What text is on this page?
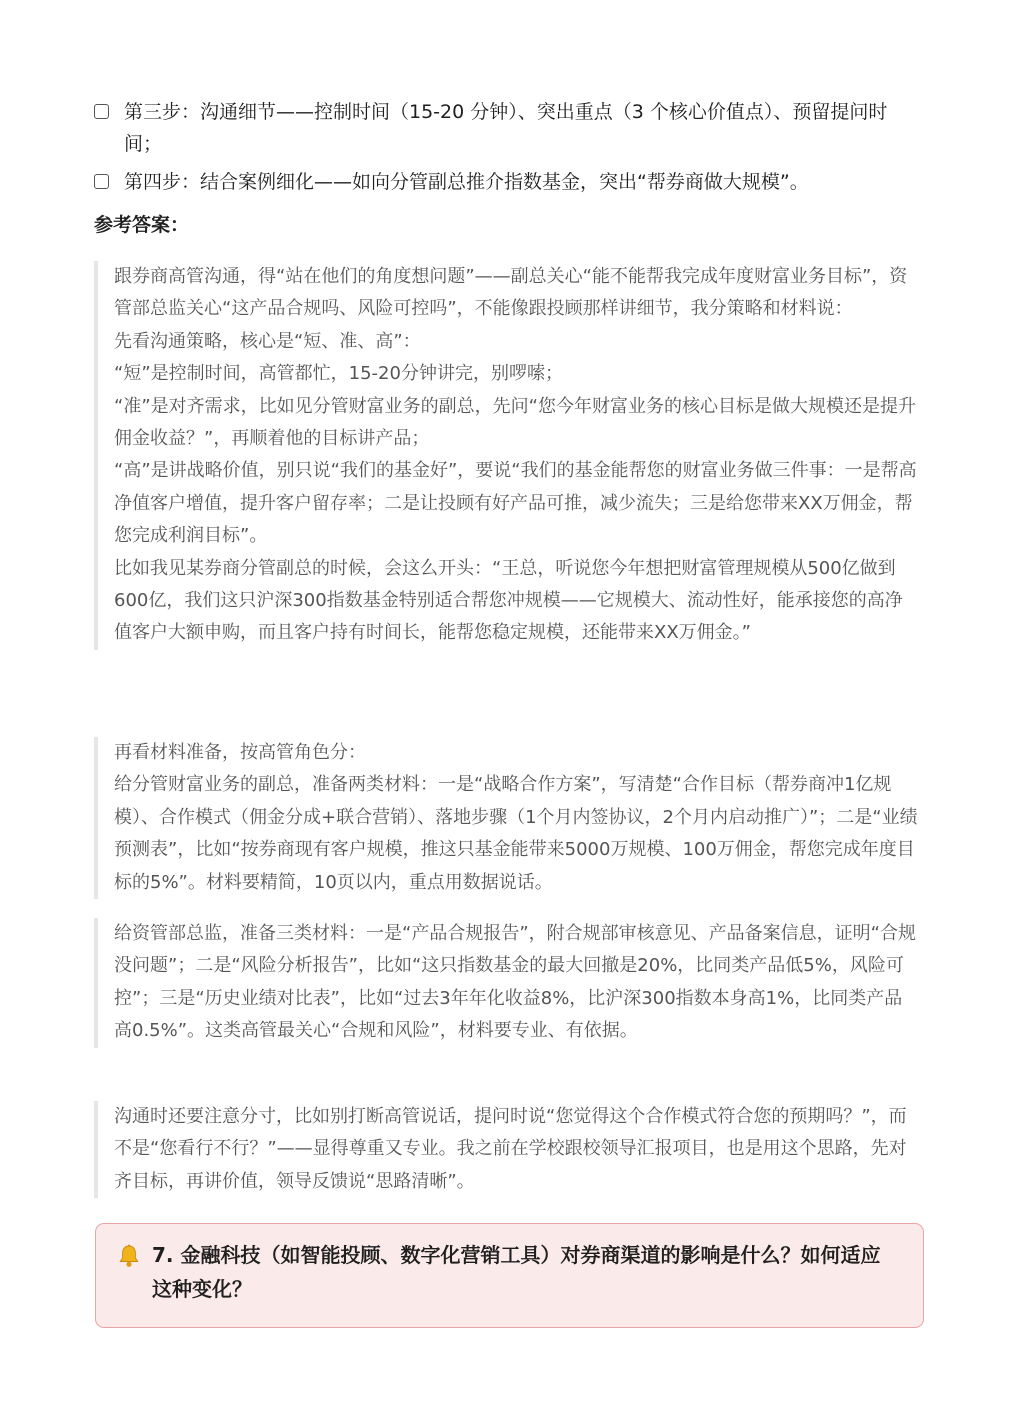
第三步：沟通细节——控制时间（15-20 分钟）、突出重点（3 个核心价值点）、预留提问时间；
第四步：结合案例细化——如向分管副总推介指数基金，突出“帮券商做大规模”。
参考答案：

跟券商高管沟通，得“站在他们的角度想问题”——副总关心“能不能帮我完成年度财富业务目标”，资管部总监关心“这产品合规吗、风险可控吗”，不能像跟投顾那样讲细节，我分策略和材料说：

先看沟通策略，核心是“短、准、高”：

“短”是控制时间，高管都忙，15-20分钟讲完，别啰嗦；

“准”是对齐需求，比如见分管财富业务的副总，先问“您今年财富业务的核心目标是做大规模还是提升佣金收益？”，再顺着他的目标讲产品；

“高”是讲战略价值，别只说“我们的基金好”，要说“我们的基金能帮您的财富业务做三件事：一是帮高净值客户增值，提升客户留存率；二是让投顾有好产品可推，减少流失；三是给您带来XX万佣金，帮您完成利润目标”。

比如我见某券商分管副总的时候，会这么开头：“王总，听说您今年想把财富管理规模从500亿做到600亿，我们这只沪深300指数基金特别适合帮您冲规模——它规模大、流动性好，能承接您的高净值客户大额申购，而且客户持有时间长，能帮您稳定规模，还能带来XX万佣金。”

再看材料准备，按高管角色分：

给分管财富业务的副总，准备两类材料：一是“战略合作方案”，写清楚“合作目标（帮券商冲1亿规模）、合作模式（佣金分成+联合营销）、落地步骤（1个月内签协议，2个月内启动推广）”；二是“业绩预测表”，比如“按券商现有客户规模，推这只基金能带来5000万规模、100万佣金，帮您完成年度目标的5%”。材料要精简，10页以内，重点用数据说话。

给资管部总监，准备三类材料：一是“产品合规报告”，附合规部审核意见、产品备案信息，证明“合规没问题”；二是“风险分析报告”，比如“这只指数基金的最大回撤是20%，比同类产品低5%，风险可控”；三是“历史业绩对比表”，比如“过去3年年化收益8%，比沪深300指数本身高1%，比同类产品高0.5%”。这类高管最关心“合规和风险”，材料要专业、有依据。

沟通时还要注意分寸，比如别打断高管说话，提问时说“您觉得这个合作模式符合您的预期吗？”，而不是“您看行不行？”——显得尊重又专业。我之前在学校跟校领导汇报项目，也是用这个思路，先对齐目标，再讲价值，领导反馈说“思路清晰”。

7. 金融科技（如智能投顾、数字化营销工具）对券商渠道的影响是什么？如何适应这种变化？
